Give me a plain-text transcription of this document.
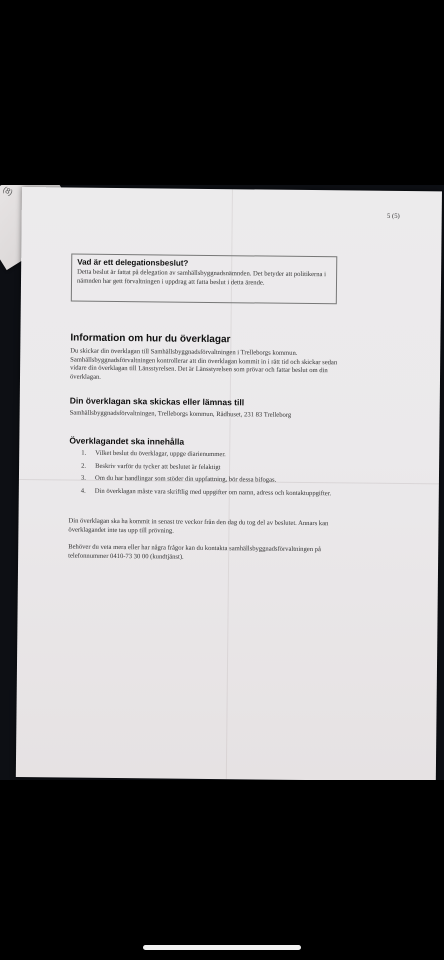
(8)
5 (5)
Vad är ett delegationsbeslut?
Detta beslut är fattat på delegation av samhällsbyggnadsnämnden. Det betyder att politikerna i nämnden har gett förvaltningen i uppdrag att fatta beslut i detta ärende.
Information om hur du överklagar
Du skickar din överklagan till Samhällsbyggnadsförvaltningen i Trelleborgs kommun. Samhällsbyggnadsförvaltningen kontrollerar att din överklagan kommit in i rätt tid och skickar sedan vidare din överklagan till Länsstyrelsen. Det är Länsstyrelsen som prövar och fattar beslut om din överklagan.
Din överklagan ska skickas eller lämnas till
Samhällsbyggnadsförvaltningen, Trelleborgs kommun, Rådhuset, 231 83 Trelleborg
Överklagandet ska innehålla
1.	Vilket beslut du överklagar, uppge diarienummer.
2.	Beskriv varför du tycker att beslutet är felaktigt
3.	Om du har handlingar som stöder din uppfattning, bör dessa bifogas.
4.	Din överklagan måste vara skriftlig med uppgifter om namn, adress och kontaktuppgifter.
Din överklagan ska ha kommit in senast tre veckor från den dag du tog del av beslutet. Annars kan överklagandet inte tas upp till prövning.
Behöver du veta mera eller har några frågor kan du kontakta samhällsbyggnadsförvaltningen på telefonnummer 0410-73 30 00 (kundtjänst).
